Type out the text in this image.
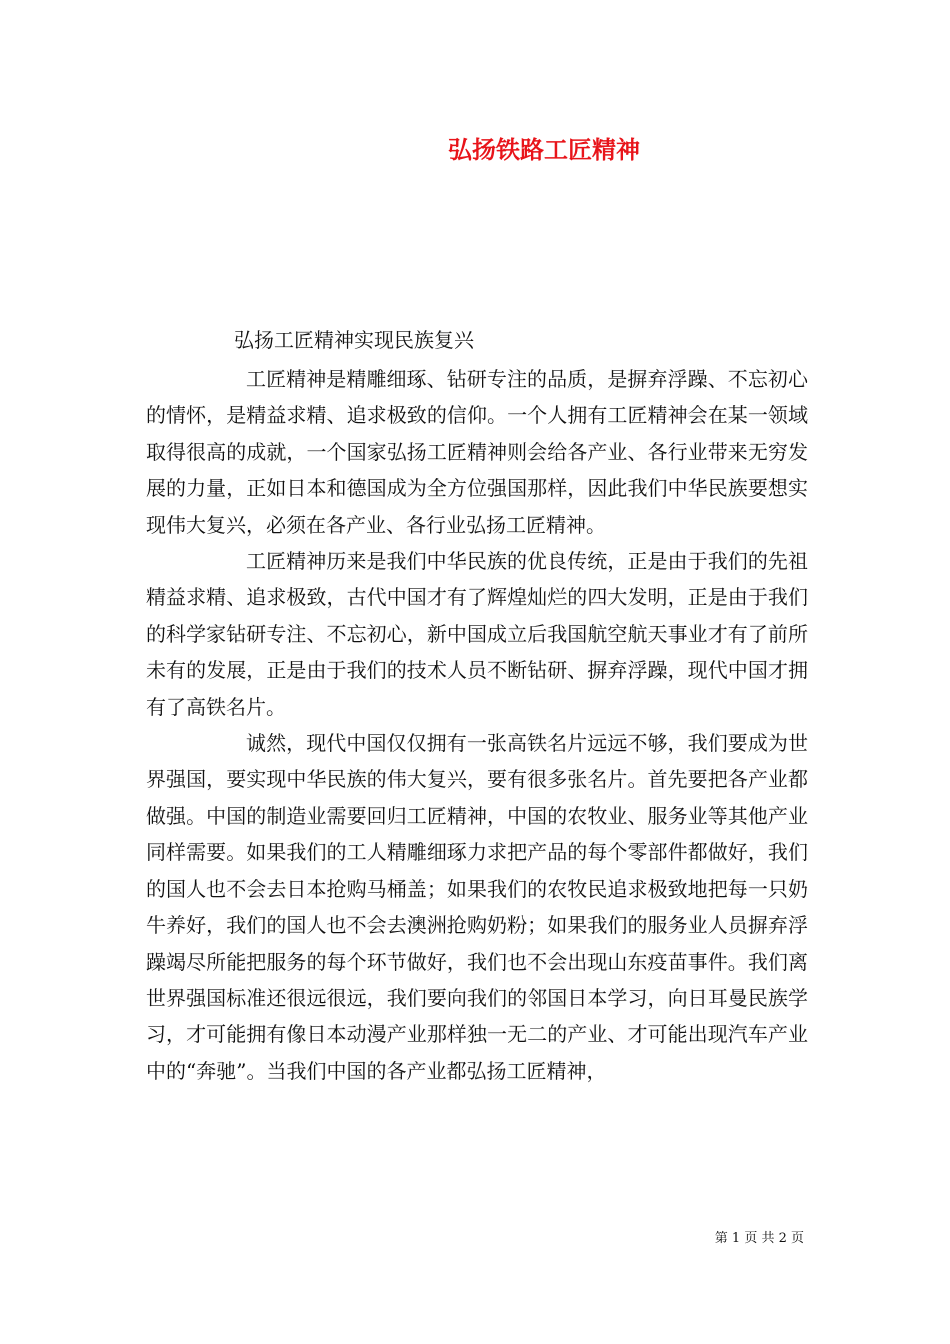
弘扬铁路工匠精神
弘扬工匠精神实现民族复兴

工匠精神是精雕细琢、钻研专注的品质，是摒弃浮躁、不忘初心的情怀，是精益求精、追求极致的信仰。一个人拥有工匠精神会在某一领域取得很高的成就，一个国家弘扬工匠精神则会给各产业、各行业带来无穷发展的力量，正如日本和德国成为全方位强国那样，因此我们中华民族要想实现伟大复兴，必须在各产业、各行业弘扬工匠精神。

工匠精神历来是我们中华民族的优良传统，正是由于我们的先祖精益求精、追求极致，古代中国才有了辉煌灿烂的四大发明，正是由于我们的科学家钻研专注、不忘初心，新中国成立后我国航空航天事业才有了前所未有的发展，正是由于我们的技术人员不断钻研、摒弃浮躁，现代中国才拥有了高铁名片。

诚然，现代中国仅仅拥有一张高铁名片远远不够，我们要成为世界强国，要实现中华民族的伟大复兴，要有很多张名片。首先要把各产业都做强。中国的制造业需要回归工匠精神，中国的农牧业、服务业等其他产业同样需要。如果我们的工人精雕细琢力求把产品的每个零部件都做好，我们的国人也不会去日本抢购马桶盖；如果我们的农牧民追求极致地把每一只奶牛养好，我们的国人也不会去澳洲抢购奶粉；如果我们的服务业人员摒弃浮躁竭尽所能把服务的每个环节做好，我们也不会出现山东疫苗事件。我们离世界强国标准还很远很远，我们要向我们的邻国日本学习，向日耳曼民族学习，才可能拥有像日本动漫产业那样独一无二的产业、才可能出现汽车产业中的“奔驰”。当我们中国的各产业都弘扬工匠精神，

第 1 页 共 2 页
